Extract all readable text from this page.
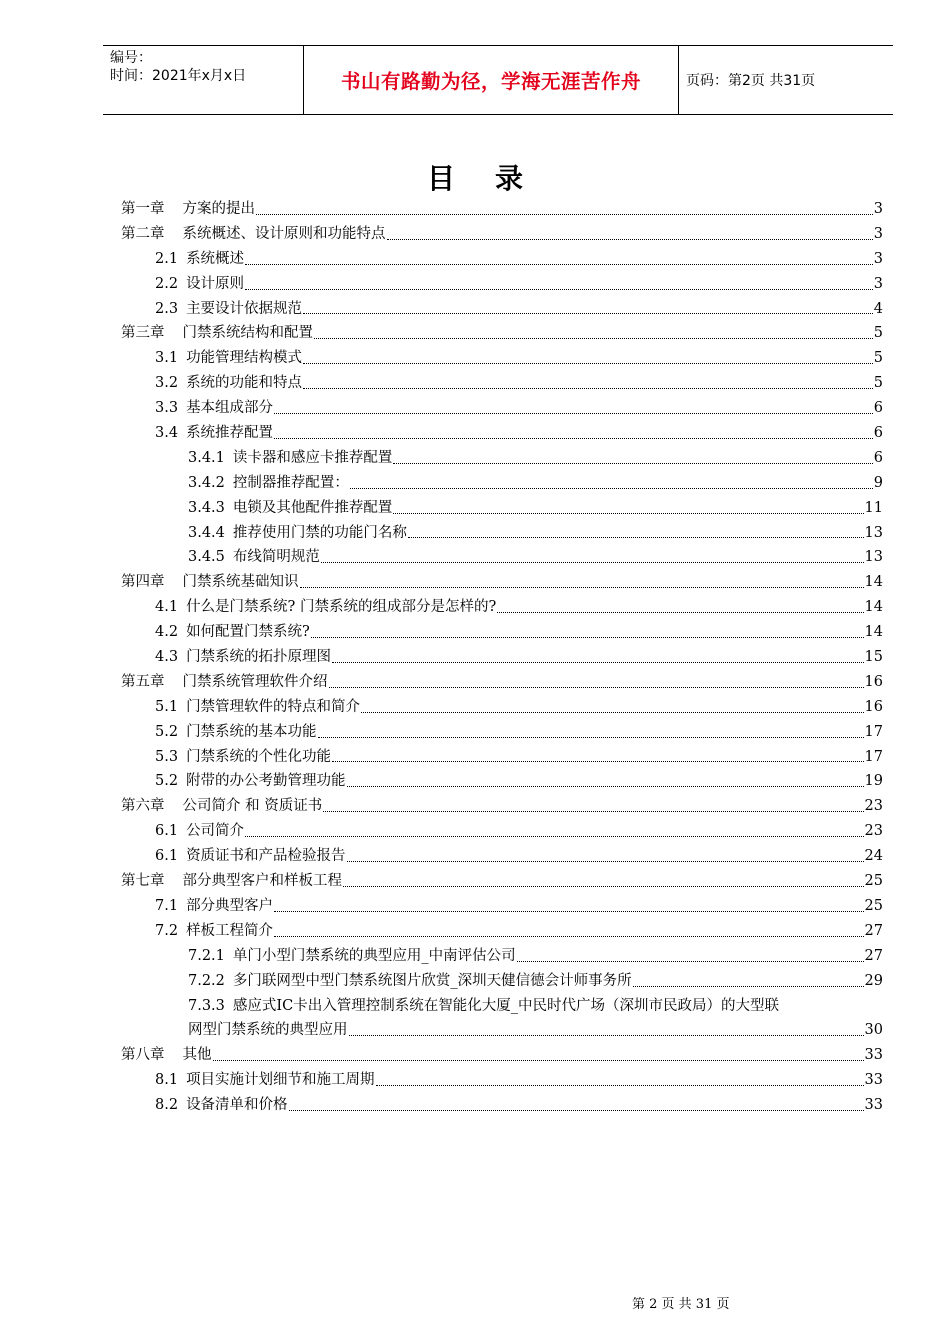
编号：
时间：2021年x月x日	书山有路勤为径，学海无涯苦作舟	页码：第2页 共31页
目录
第一章 方案的提出	3
第二章 系统概述、设计原则和功能特点	3
2.1 系统概述	3
2.2 设计原则	3
2.3 主要设计依据规范	4
第三章 门禁系统结构和配置	5
3.1 功能管理结构模式	5
3.2 系统的功能和特点	5
3.3 基本组成部分	6
3.4 系统推荐配置	6
3.4.1 读卡器和感应卡推荐配置	6
3.4.2 控制器推荐配置：	9
3.4.3 电锁及其他配件推荐配置	11
3.4.4 推荐使用门禁的功能门名称	13
3.4.5 布线简明规范	13
第四章 门禁系统基础知识	14
4.1 什么是门禁系统? 门禁系统的组成部分是怎样的?	14
4.2 如何配置门禁系统?	14
4.3 门禁系统的拓扑原理图	15
第五章 门禁系统管理软件介绍	16
5.1 门禁管理软件的特点和简介	16
5.2 门禁系统的基本功能	17
5.3 门禁系统的个性化功能	17
5.2 附带的办公考勤管理功能	19
第六章 公司简介 和 资质证书	23
6.1 公司简介	23
6.1 资质证书和产品检验报告	24
第七章 部分典型客户和样板工程	25
7.1 部分典型客户	25
7.2 样板工程简介	27
7.2.1 单门小型门禁系统的典型应用_中南评估公司	27
7.2.2 多门联网型中型门禁系统图片欣赏_深圳天健信德会计师事务所	29
7.3.3 感应式IC卡出入管理控制系统在智能化大厦_中民时代广场（深圳市民政局）的大型联
网型门禁系统的典型应用	30
第八章 其他	33
8.1 项目实施计划细节和施工周期	33
8.2 设备清单和价格	33
第 2 页 共 31 页
